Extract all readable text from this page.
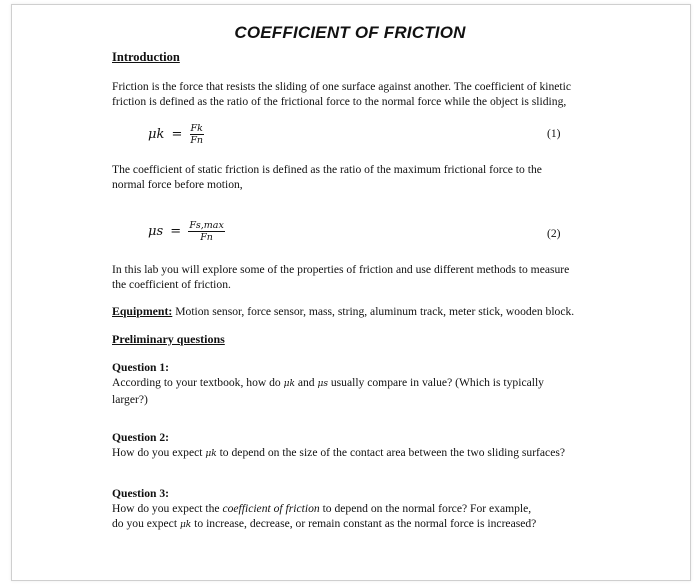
COEFFICIENT OF FRICTION
Introduction
Friction is the force that resists the sliding of one surface against another. The coefficient of kinetic
friction is defined as the ratio of the frictional force to the normal force while the object is sliding,
$\mu k = \frac{Fk}{Fn}$	(1)
The coefficient of static friction is defined as the ratio of the maximum frictional force to the
normal force before motion,
$\mu s = \frac{Fs,\max}{Fn}$	(2)
In this lab you will explore some of the properties of friction and use different methods to measure
the coefficient of friction.
Equipment: Motion sensor, force sensor, mass, string, aluminum track, meter stick, wooden block.
Preliminary questions
Question 1:
According to your textbook, how do μk and μs usually compare in value? (Which is typically
larger?)
Question 2:
How do you expect μk to depend on the size of the contact area between the two sliding surfaces?
Question 3:
How do you expect the coefficient of friction to depend on the normal force? For example,
do you expect μk to increase, decrease, or remain constant as the normal force is increased?
